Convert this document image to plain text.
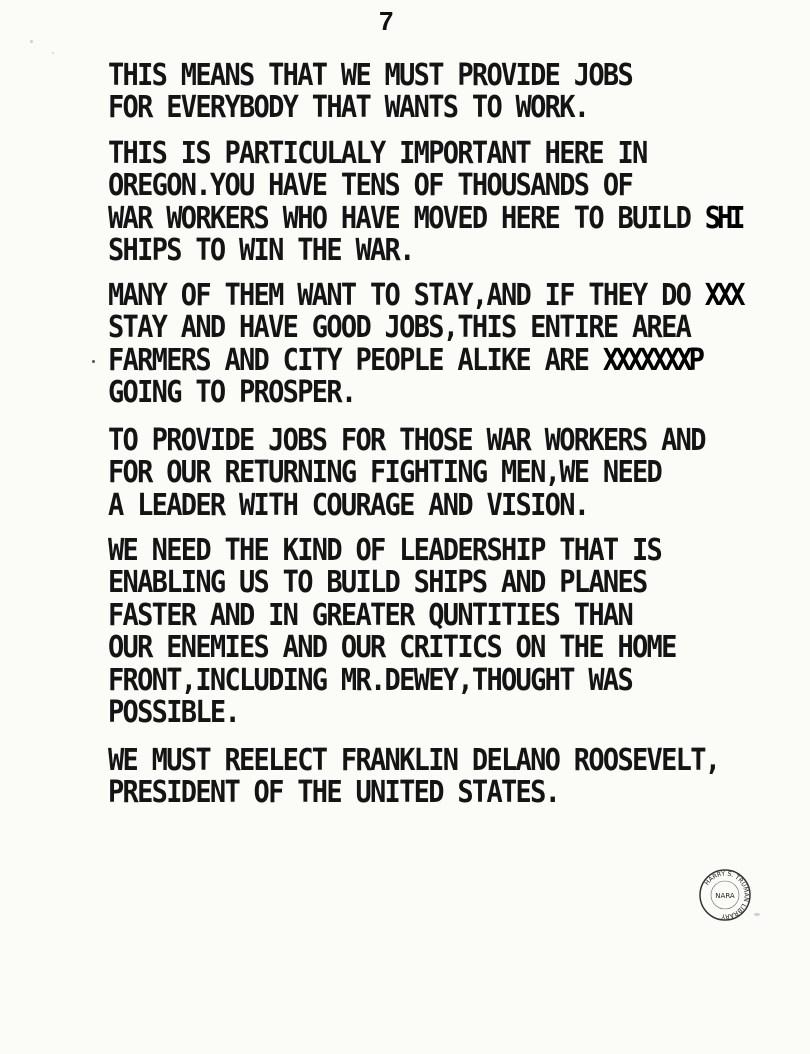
7
THIS MEANS THAT WE MUST PROVIDE JOBS
FOR EVERYBODY THAT WANTS TO WORK.
THIS IS PARTICULALY IMPORTANT HERE IN
OREGON.YOU HAVE TENS OF THOUSANDS OF
WAR WORKERS WHO HAVE MOVED HERE TO BUILD SHI
SHIPS TO WIN THE WAR.
MANY OF THEM WANT TO STAY,AND IF THEY DO XXX
STAY AND HAVE GOOD JOBS,THIS ENTIRE AREA
FARMERS AND CITY PEOPLE ALIKE ARE XXXXXXXP
GOING TO PROSPER.
TO PROVIDE JOBS FOR THOSE WAR WORKERS AND
FOR OUR RETURNING FIGHTING MEN,WE NEED
A LEADER WITH COURAGE AND VISION.
WE NEED THE KIND OF LEADERSHIP THAT IS
ENABLING US TO BUILD SHIPS AND PLANES
FASTER AND IN GREATER QUNTITIES THAN
OUR ENEMIES AND OUR CRITICS ON THE HOME
FRONT,INCLUDING MR.DEWEY,THOUGHT WAS
POSSIBLE.
WE MUST REELECT FRANKLIN DELANO ROOSEVELT,
PRESIDENT OF THE UNITED STATES.
HARRY S. TRUMAN LIBRARY
NARA
